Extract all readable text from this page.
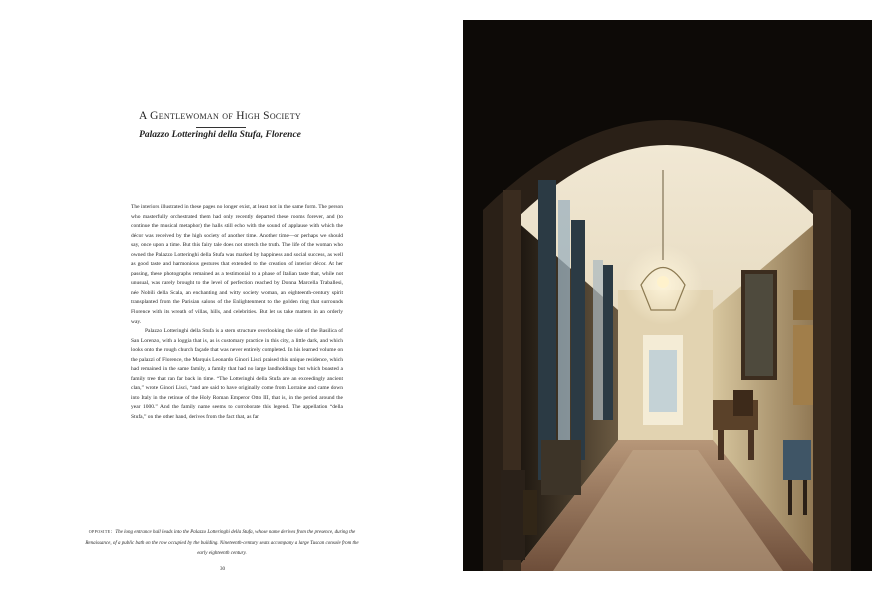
A Gentlewoman of High Society
Palazzo Lotteringhi della Stufa, Florence

The interiors illustrated in these pages no longer exist, at least not in the same form. The person who masterfully orchestrated them had only recently departed these rooms forever, and (to continue the musical metaphor) the halls still echo with the sound of applause with which the décor was received by the high society of another time. Another time—or perhaps we should say, once upon a time. But this fairy tale does not stretch the truth. The life of the woman who owned the Palazzo Lotteringhi della Stufa was marked by happiness and social success, as well as good taste and harmonious gestures that extended to the creation of interior décor. At her passing, these photographs remained as a testimonial to a phase of Italian taste that, while not unusual, was rarely brought to the level of perfection reached by Donna Marcella Traballesi, née Nobili della Scala, an enchanting and witty society woman, an eighteenth-century spirit transplanted from the Parisian salons of the Enlightenment to the golden ring that surrounds Florence with its wreath of villas, hills, and celebrities. But let us take matters in an orderly way.

Palazzo Lotteringhi della Stufa is a stern structure overlooking the side of the Basilica of San Lorenzo, with a loggia that is, as is customary practice in this city, a little dark, and which looks onto the rough church façade that was never entirely completed. In his learned volume on the palazzi of Florence, the Marquis Leonardo Ginori Lisci praised this unique residence, which had remained in the same family, a family that had no large landholdings but which boasted a family tree that ran far back in time. “The Lotteringhi della Stufa are an exceedingly ancient clan,” wrote Ginori Lisci, “and are said to have originally come from Lorraine and came down into Italy in the retinue of the Holy Roman Emperor Otto III, that is, in the period around the year 1000.” And the family name seems to corroborate this legend. The appellation “della Stufa,” on the other hand, derives from the fact that, as far

opposite: The long entrance hall leads into the Palazzo Lotteringhi della Stufa, whose name derives from the presence, during the Renaissance, of a public bath on the row occupied by the building. Nineteenth-century seats accompany a large Tuscan console from the early eighteenth century.
30
